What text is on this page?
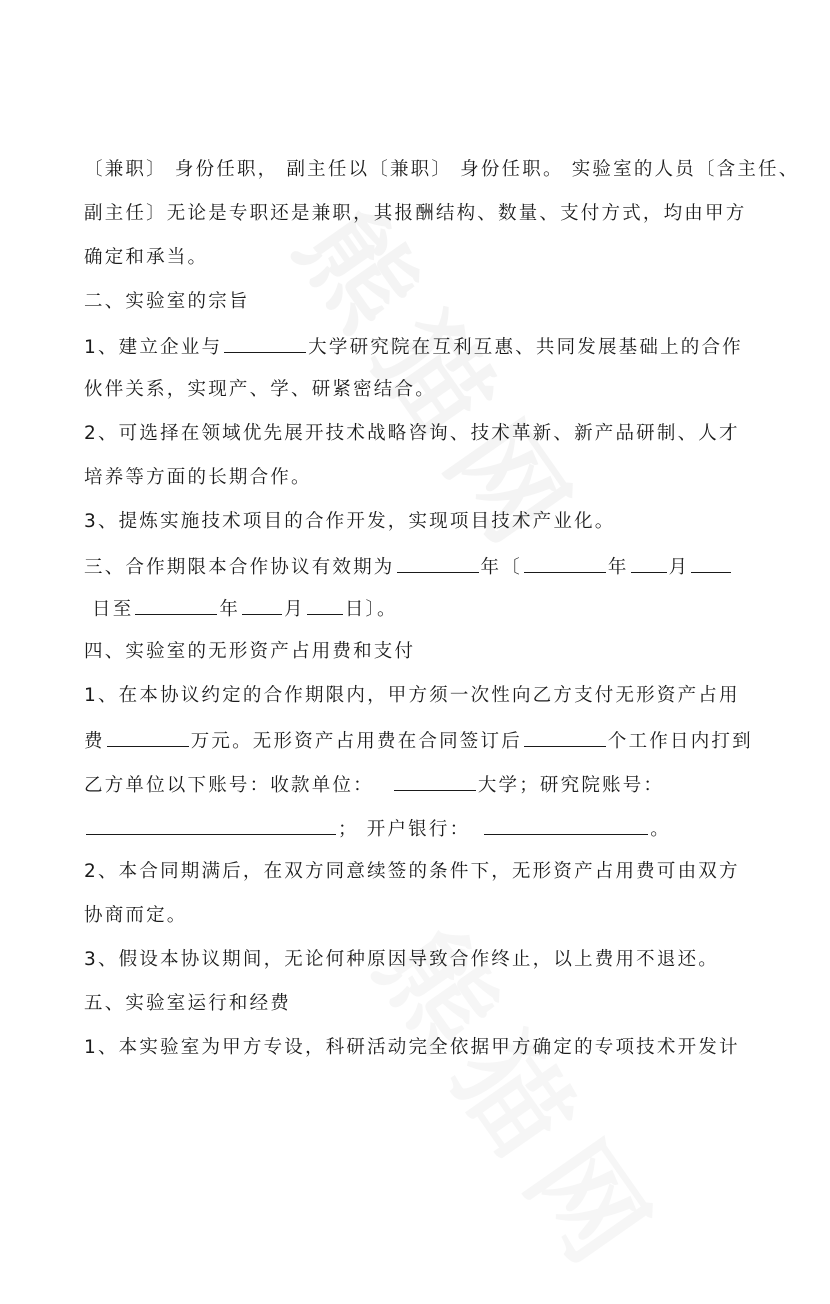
〔兼职〕 身份任职， 副主任以〔兼职〕 身份任职。 实验室的人员〔含主任、
副主任〕无论是专职还是兼职，其报酬结构、数量、支付方式，均由甲方
确定和承当。
二、实验室的宗旨
1、建立企业与	大学研究院在互利互惠、共同发展基础上的合作
伙伴关系，实现产、学、研紧密结合。
2、可选择在领域优先展开技术战略咨询、技术革新、新产品研制、人才
培养等方面的长期合作。
3、提炼实施技术项目的合作开发，实现项目技术产业化。
三、合作期限本合作协议有效期为	年〔	年 月
日至	年 月 日〕。
四、实验室的无形资产占用费和支付
1、在本协议约定的合作期限内，甲方须一次性向乙方支付无形资产占用
费	万元。无形资产占用费在合同签订后	个工作日内打到
乙方单位以下账号：收款单位：	大学；研究院账号：
； 开户银行：	。
2、本合同期满后，在双方同意续签的条件下，无形资产占用费可由双方
协商而定。
3、假设本协议期间，无论何种原因导致合作终止，以上费用不退还。
五、实验室运行和经费
1、本实验室为甲方专设，科研活动完全依据甲方确定的专项技术开发计
